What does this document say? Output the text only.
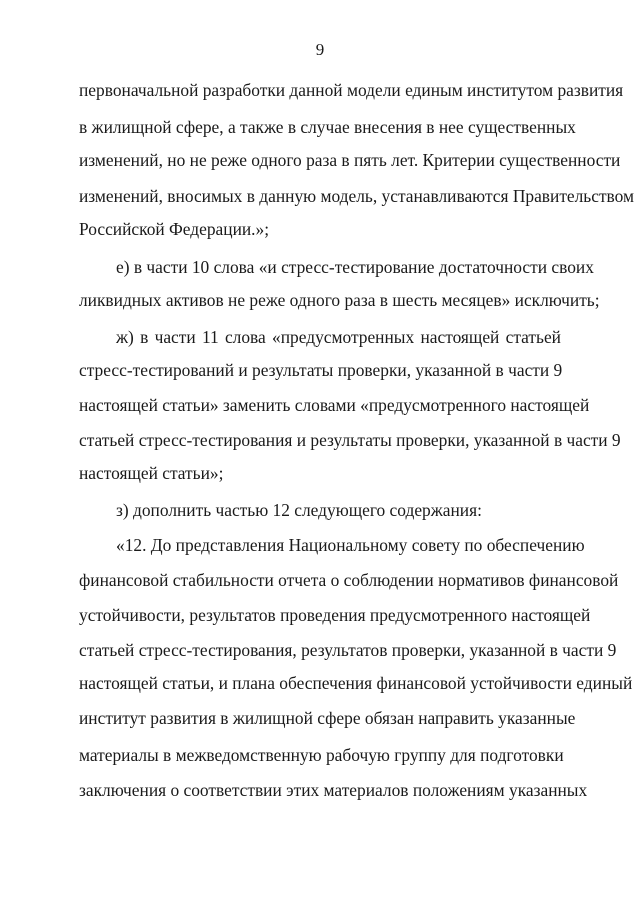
9
первоначальной разработки данной модели единым институтом развития
в жилищной сфере, а также в случае внесения в нее существенных
изменений, но не реже одного раза в пять лет. Критерии существенности
изменений, вносимых в данную модель, устанавливаются Правительством
Российской Федерации.»;
е) в части 10 слова «и стресс-тестирование достаточности своих
ликвидных активов не реже одного раза в шесть месяцев» исключить;
ж) в части 11 слова «предусмотренных настоящей статьей
стресс-тестирований и результаты проверки, указанной в части 9
настоящей статьи» заменить словами «предусмотренного настоящей
статьей стресс-тестирования и результаты проверки, указанной в части 9
настоящей статьи»;
з) дополнить частью 12 следующего содержания:
«12. До представления Национальному совету по обеспечению
финансовой стабильности отчета о соблюдении нормативов финансовой
устойчивости, результатов проведения предусмотренного настоящей
статьей стресс-тестирования, результатов проверки, указанной в части 9
настоящей статьи, и плана обеспечения финансовой устойчивости единый
институт развития в жилищной сфере обязан направить указанные
материалы в межведомственную рабочую группу для подготовки
заключения о соответствии этих материалов положениям указанных
